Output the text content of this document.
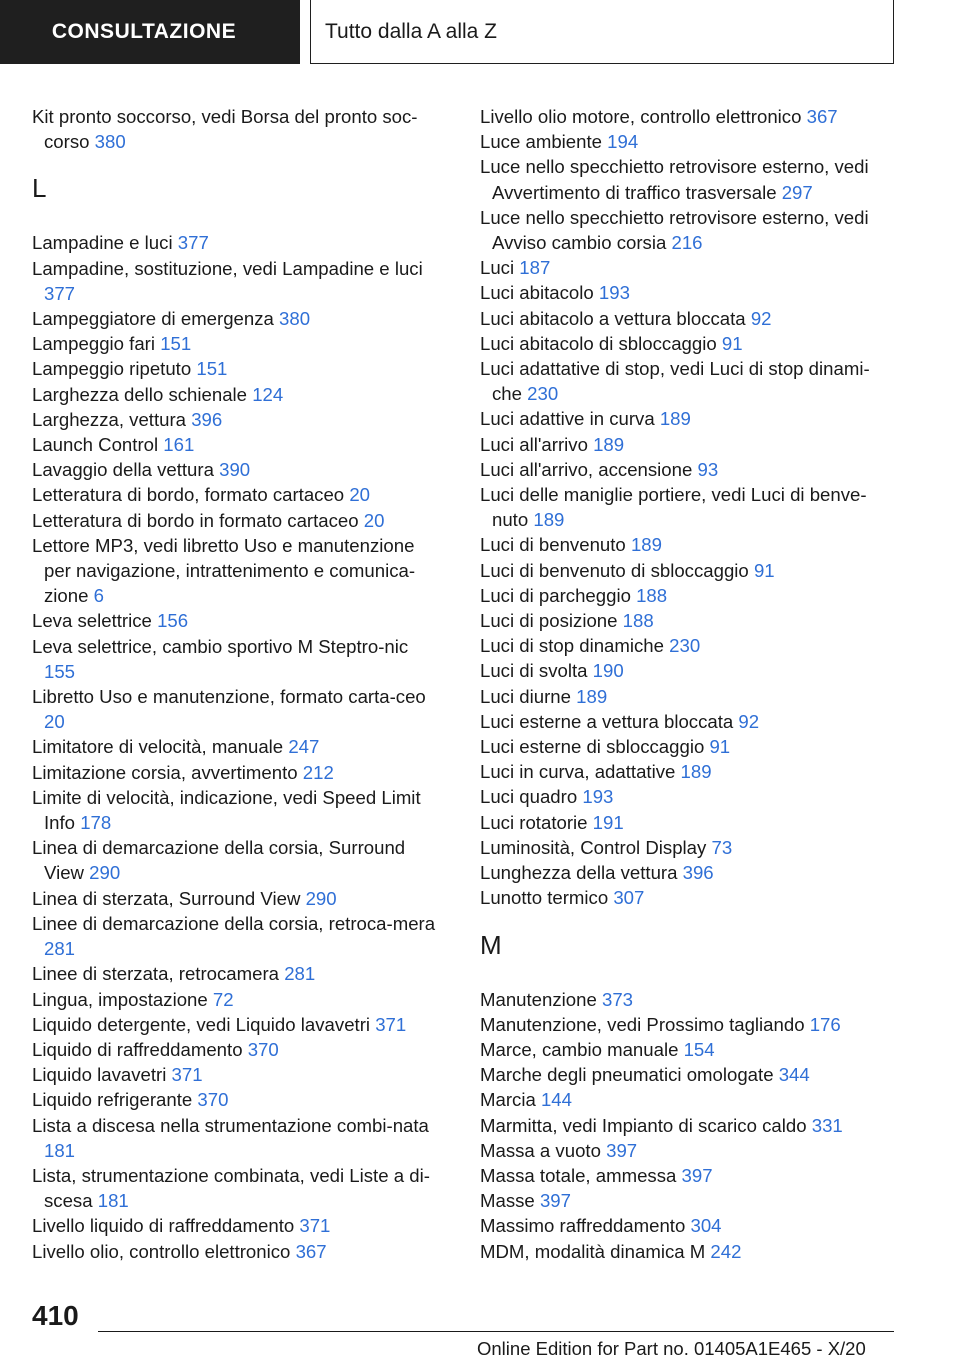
CONSULTAZIONE	Tutto dalla A alla Z

Kit pronto soccorso, vedi Borsa del pronto soc-corso 380

L

Lampadine e luci 377

Lampadine, sostituzione, vedi Lampadine e luci 377

Lampeggiatore di emergenza 380

Lampeggio fari 151

Lampeggio ripetuto 151

Larghezza dello schienale 124

Larghezza, vettura 396

Launch Control 161

Lavaggio della vettura 390

Letteratura di bordo, formato cartaceo 20

Letteratura di bordo in formato cartaceo 20

Lettore MP3, vedi libretto Uso e manutenzione per navigazione, intrattenimento e comunica-zione 6

Leva selettrice 156

Leva selettrice, cambio sportivo M Steptro-nic 155

Libretto Uso e manutenzione, formato carta-ceo 20

Limitatore di velocità, manuale 247

Limitazione corsia, avvertimento 212

Limite di velocità, indicazione, vedi Speed Limit Info 178

Linea di demarcazione della corsia, Surround View 290

Linea di sterzata, Surround View 290

Linee di demarcazione della corsia, retroca-mera 281

Linee di sterzata, retrocamera 281

Lingua, impostazione 72

Liquido detergente, vedi Liquido lavavetri 371

Liquido di raffreddamento 370

Liquido lavavetri 371

Liquido refrigerante 370

Lista a discesa nella strumentazione combi-nata 181

Lista, strumentazione combinata, vedi Liste a di-scesa 181

Livello liquido di raffreddamento 371

Livello olio, controllo elettronico 367

Livello olio motore, controllo elettronico 367

Luce ambiente 194

Luce nello specchietto retrovisore esterno, vedi Avvertimento di traffico trasversale 297

Luce nello specchietto retrovisore esterno, vedi Avviso cambio corsia 216

Luci 187

Luci abitacolo 193

Luci abitacolo a vettura bloccata 92

Luci abitacolo di sbloccaggio 91

Luci adattative di stop, vedi Luci di stop dinami-che 230

Luci adattive in curva 189

Luci all'arrivo 189

Luci all'arrivo, accensione 93

Luci delle maniglie portiere, vedi Luci di benve-nuto 189

Luci di benvenuto 189

Luci di benvenuto di sbloccaggio 91

Luci di parcheggio 188

Luci di posizione 188

Luci di stop dinamiche 230

Luci di svolta 190

Luci diurne 189

Luci esterne a vettura bloccata 92

Luci esterne di sbloccaggio 91

Luci in curva, adattative 189

Luci quadro 193

Luci rotatorie 191

Luminosità, Control Display 73

Lunghezza della vettura 396

Lunotto termico 307

M

Manutenzione 373

Manutenzione, vedi Prossimo tagliando 176

Marce, cambio manuale 154

Marche degli pneumatici omologate 344

Marcia 144

Marmitta, vedi Impianto di scarico caldo 331

Massa a vuoto 397

Massa totale, ammessa 397

Masse 397

Massimo raffreddamento 304

MDM, modalità dinamica M 242

410
Online Edition for Part no. 01405A1E465 - X/20
